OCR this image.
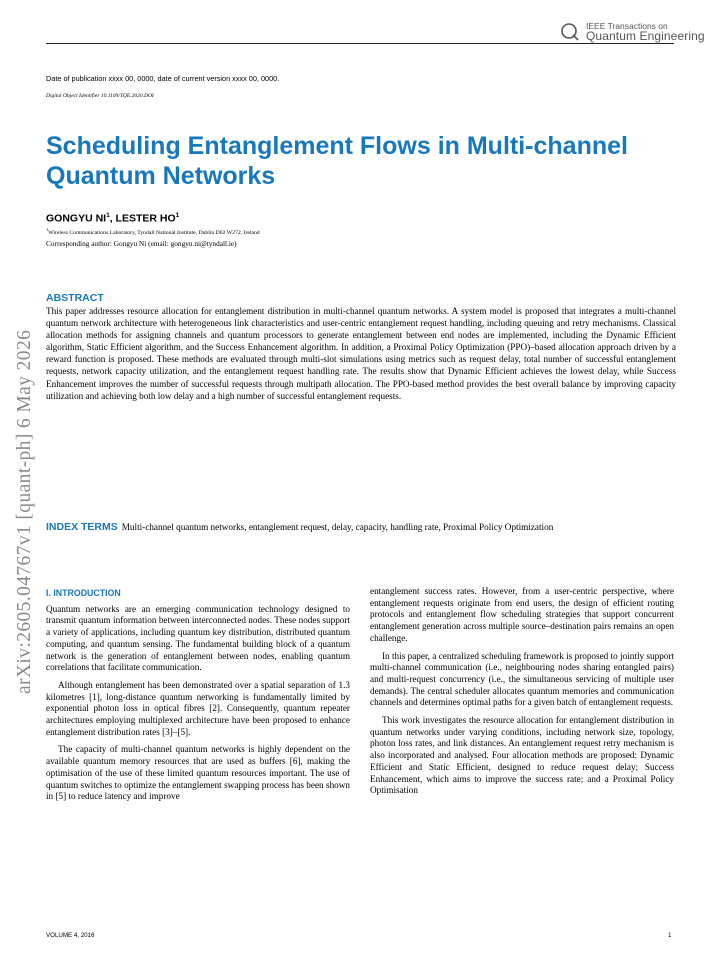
IEEE Transactions on
Quantum Engineering
Date of publication xxxx 00, 0000, date of current version xxxx 00, 0000.
Digital Object Identifier 10.1109/TQE.2020.DOI
Scheduling Entanglement Flows in Multi-channel Quantum Networks
GONGYU $NI^1$, LESTER $HO^1$
$^1$Wireless Communications Laboratory, Tyndall National Institute, Dublin D02 W272, Ireland
Corresponding author: Gongyu Ni (email: gongyu.ni@tyndall.ie)
ABSTRACT

This paper addresses resource allocation for entanglement distribution in multi-channel quantum networks. A system model is proposed that integrates a multi-channel quantum network architecture with heterogeneous link characteristics and user-centric entanglement request handling, including queuing and retry mechanisms. Classical allocation methods for assigning channels and quantum processors to generate entanglement between end nodes are implemented, including the Dynamic Efficient algorithm, Static Efficient algorithm, and the Success Enhancement algorithm. In addition, a Proximal Policy Optimization (PPO)–based allocation approach driven by a reward function is proposed. These methods are evaluated through multi-slot simulations using metrics such as request delay, total number of successful entanglement requests, network capacity utilization, and the entanglement request handling rate. The results show that Dynamic Efficient achieves the lowest delay, while Success Enhancement improves the number of successful requests through multipath allocation. The PPO-based method provides the best overall balance by improving capacity utilization and achieving both low delay and a high number of successful entanglement requests.

INDEX TERMS Multi-channel quantum networks, entanglement request, delay, capacity, handling rate, Proximal Policy Optimization

I. INTRODUCTION

Quantum networks are an emerging communication technology designed to transmit quantum information between interconnected nodes. These nodes support a variety of applications, including quantum key distribution, distributed quantum computing, and quantum sensing. The fundamental building block of a quantum network is the generation of entanglement between nodes, enabling quantum correlations that facilitate communication.

Although entanglement has been demonstrated over a spatial separation of 1.3 kilometres [1], long-distance quantum networking is fundamentally limited by exponential photon loss in optical fibres [2]. Consequently, quantum repeater architectures employing multiplexed architecture have been proposed to enhance entanglement distribution rates [3]–[5].

The capacity of multi-channel quantum networks is highly dependent on the available quantum memory resources that are used as buffers [6], making the optimisation of the use of these limited quantum resources important. The use of quantum switches to optimize the entanglement swapping process has been shown in [5] to reduce latency and improve

entanglement success rates. However, from a user-centric perspective, where entanglement requests originate from end users, the design of efficient routing protocols and entanglement flow scheduling strategies that support concurrent entanglement generation across multiple source–destination pairs remains an open challenge.

In this paper, a centralized scheduling framework is proposed to jointly support multi-channel communication (i.e., neighbouring nodes sharing entangled pairs) and multi-request concurrency (i.e., the simultaneous servicing of multiple user demands). The central scheduler allocates quantum memories and communication channels and determines optimal paths for a given batch of entanglement requests.

This work investigates the resource allocation for entanglement distribution in quantum networks under varying conditions, including network size, topology, photon loss rates, and link distances. An entanglement request retry mechanism is also incorporated and analysed. Four allocation methods are proposed: Dynamic Efficient and Static Efficient, designed to reduce request delay; Success Enhancement, which aims to improve the success rate; and a Proximal Policy Optimisation

VOLUME 4, 2016	1
arXiv:2605.04767v1 [quant-ph] 6 May 2026
